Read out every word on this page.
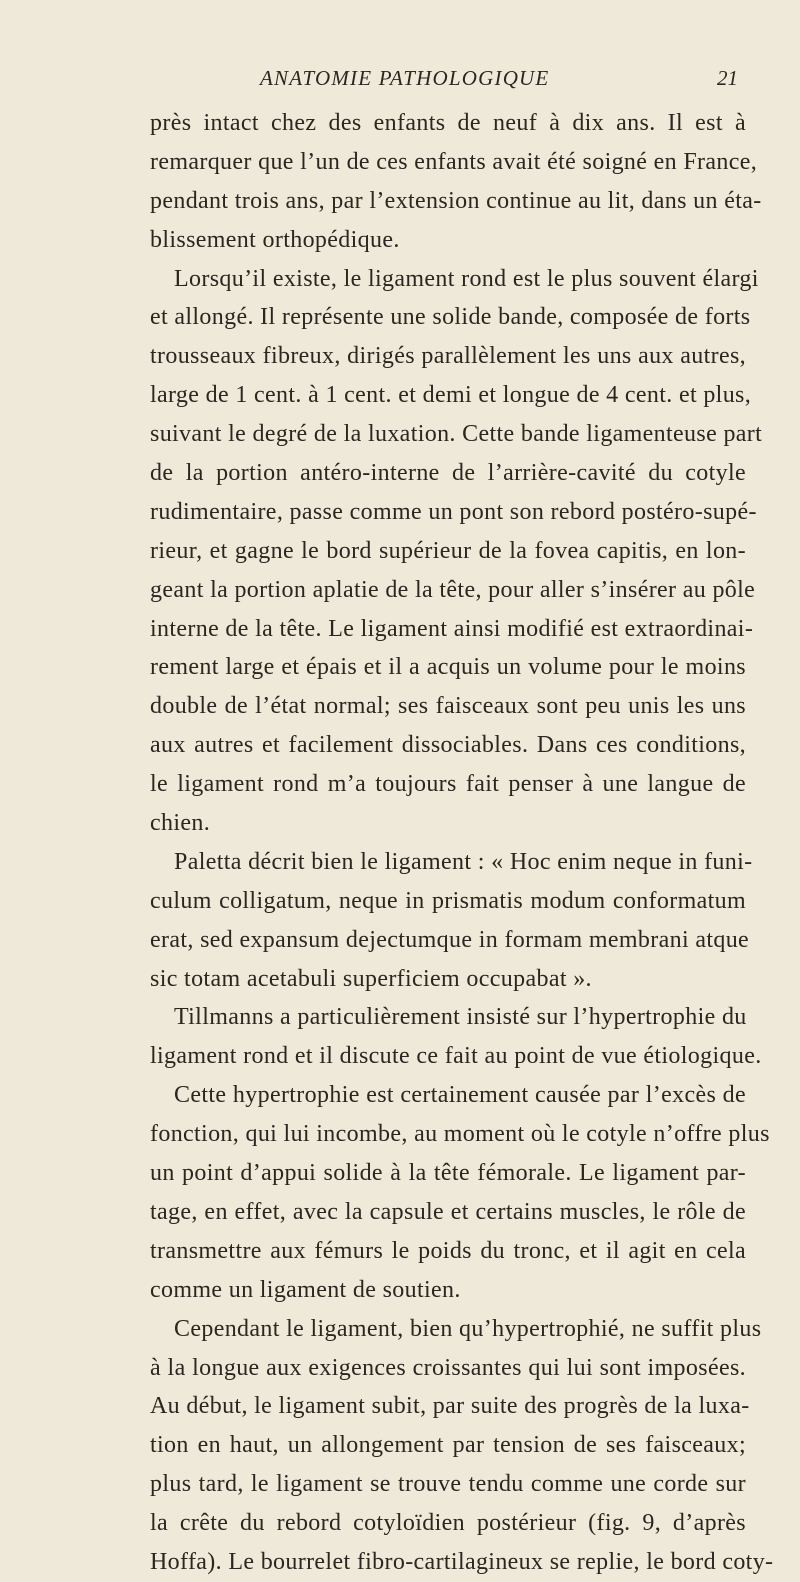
ANATOMIE PATHOLOGIQUE	21
près intact chez des enfants de neuf à dix ans. Il est à
remarquer que l’un de ces enfants avait été soigné en France,
pendant trois ans, par l’extension continue au lit, dans un éta-
blissement orthopédique.
Lorsqu’il existe, le ligament rond est le plus souvent élargi
et allongé. Il représente une solide bande, composée de forts
trousseaux fibreux, dirigés parallèlement les uns aux autres,
large de 1 cent. à 1 cent. et demi et longue de 4 cent. et plus,
suivant le degré de la luxation. Cette bande ligamenteuse part
de la portion antéro-interne de l’arrière-cavité du cotyle
rudimentaire, passe comme un pont son rebord postéro-supé-
rieur, et gagne le bord supérieur de la fovea capitis, en lon-
geant la portion aplatie de la tête, pour aller s’insérer au pôle
interne de la tête. Le ligament ainsi modifié est extraordinai-
rement large et épais et il a acquis un volume pour le moins
double de l’état normal; ses faisceaux sont peu unis les uns
aux autres et facilement dissociables. Dans ces conditions,
le ligament rond m’a toujours fait penser à une langue de
chien.
Paletta décrit bien le ligament : « Hoc enim neque in funi-
culum colligatum, neque in prismatis modum conformatum
erat, sed expansum dejectumque in formam membrani atque
sic totam acetabuli superficiem occupabat ».
Tillmanns a particulièrement insisté sur l’hypertrophie du
ligament rond et il discute ce fait au point de vue étiologique.
Cette hypertrophie est certainement causée par l’excès de
fonction, qui lui incombe, au moment où le cotyle n’offre plus
un point d’appui solide à la tête fémorale. Le ligament par-
tage, en effet, avec la capsule et certains muscles, le rôle de
transmettre aux fémurs le poids du tronc, et il agit en cela
comme un ligament de soutien.
Cependant le ligament, bien qu’hypertrophié, ne suffit plus
à la longue aux exigences croissantes qui lui sont imposées.
Au début, le ligament subit, par suite des progrès de la luxa-
tion en haut, un allongement par tension de ses faisceaux;
plus tard, le ligament se trouve tendu comme une corde sur
la crête du rebord cotyloïdien postérieur (fig. 9, d’après
Hoffa). Le bourrelet fibro-cartilagineux se replie, le bord coty-
